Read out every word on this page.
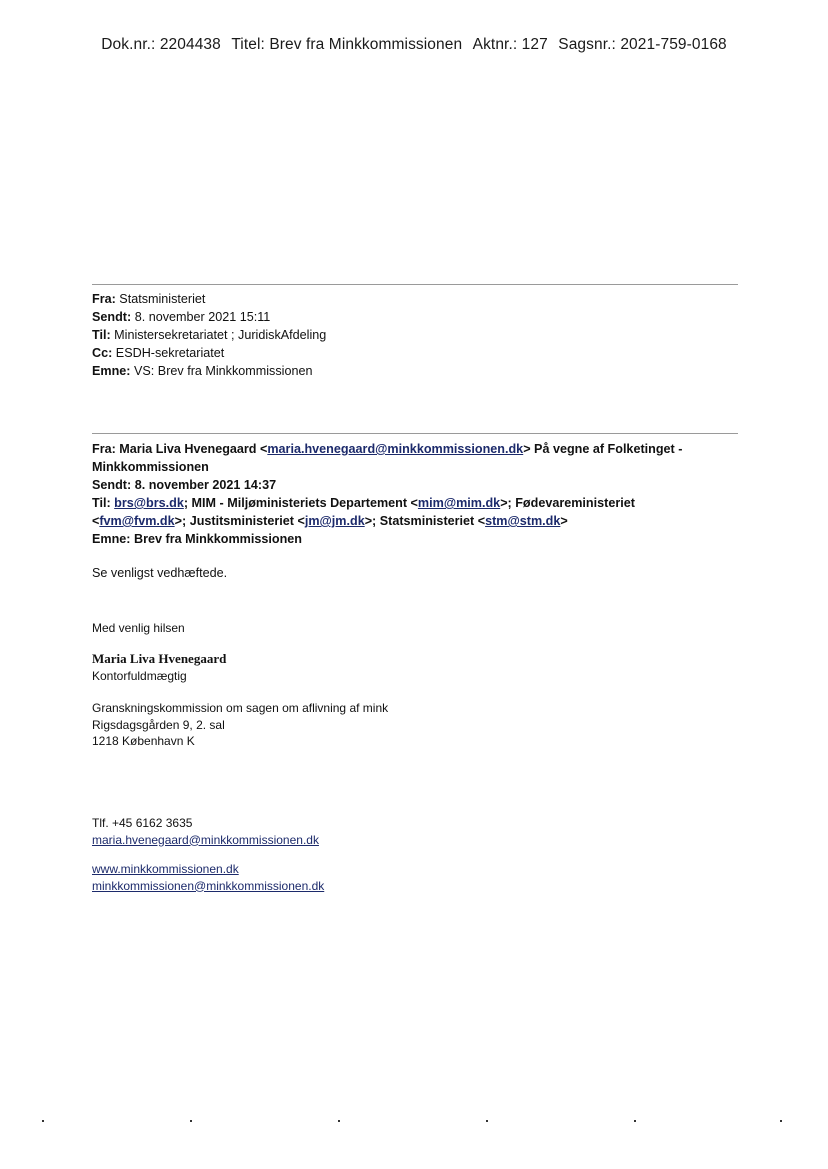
Dok.nr.: 2204438 Titel: Brev fra Minkkommissionen Aktnr.: 127 Sagsnr.: 2021-759-0168
Fra: Statsministeriet
Sendt: 8. november 2021 15:11
Til: Ministersekretariatet ; JuridiskAfdeling
Cc: ESDH-sekretariatet
Emne: VS: Brev fra Minkkommissionen
Fra: Maria Liva Hvenegaard <maria.hvenegaard@minkkommissionen.dk> På vegne af Folketinget - Minkkommissionen
Sendt: 8. november 2021 14:37
Til: brs@brs.dk; MIM - Miljøministeriets Departement <mim@mim.dk>; Fødevareministeriet <fvm@fvm.dk>; Justitsministeriet <jm@jm.dk>; Statsministeriet <stm@stm.dk>
Emne: Brev fra Minkkommissionen
Se venligst vedhæftede.
Med venlig hilsen
Maria Liva Hvenegaard
Kontorfuldmægtig
Granskningskommission om sagen om aflivning af mink
Rigsdagsgården 9, 2. sal
1218 København K
Tlf. +45 6162 3635
maria.hvenegaard@minkkommissionen.dk
www.minkkommissionen.dk
minkkommissionen@minkkommissionen.dk
